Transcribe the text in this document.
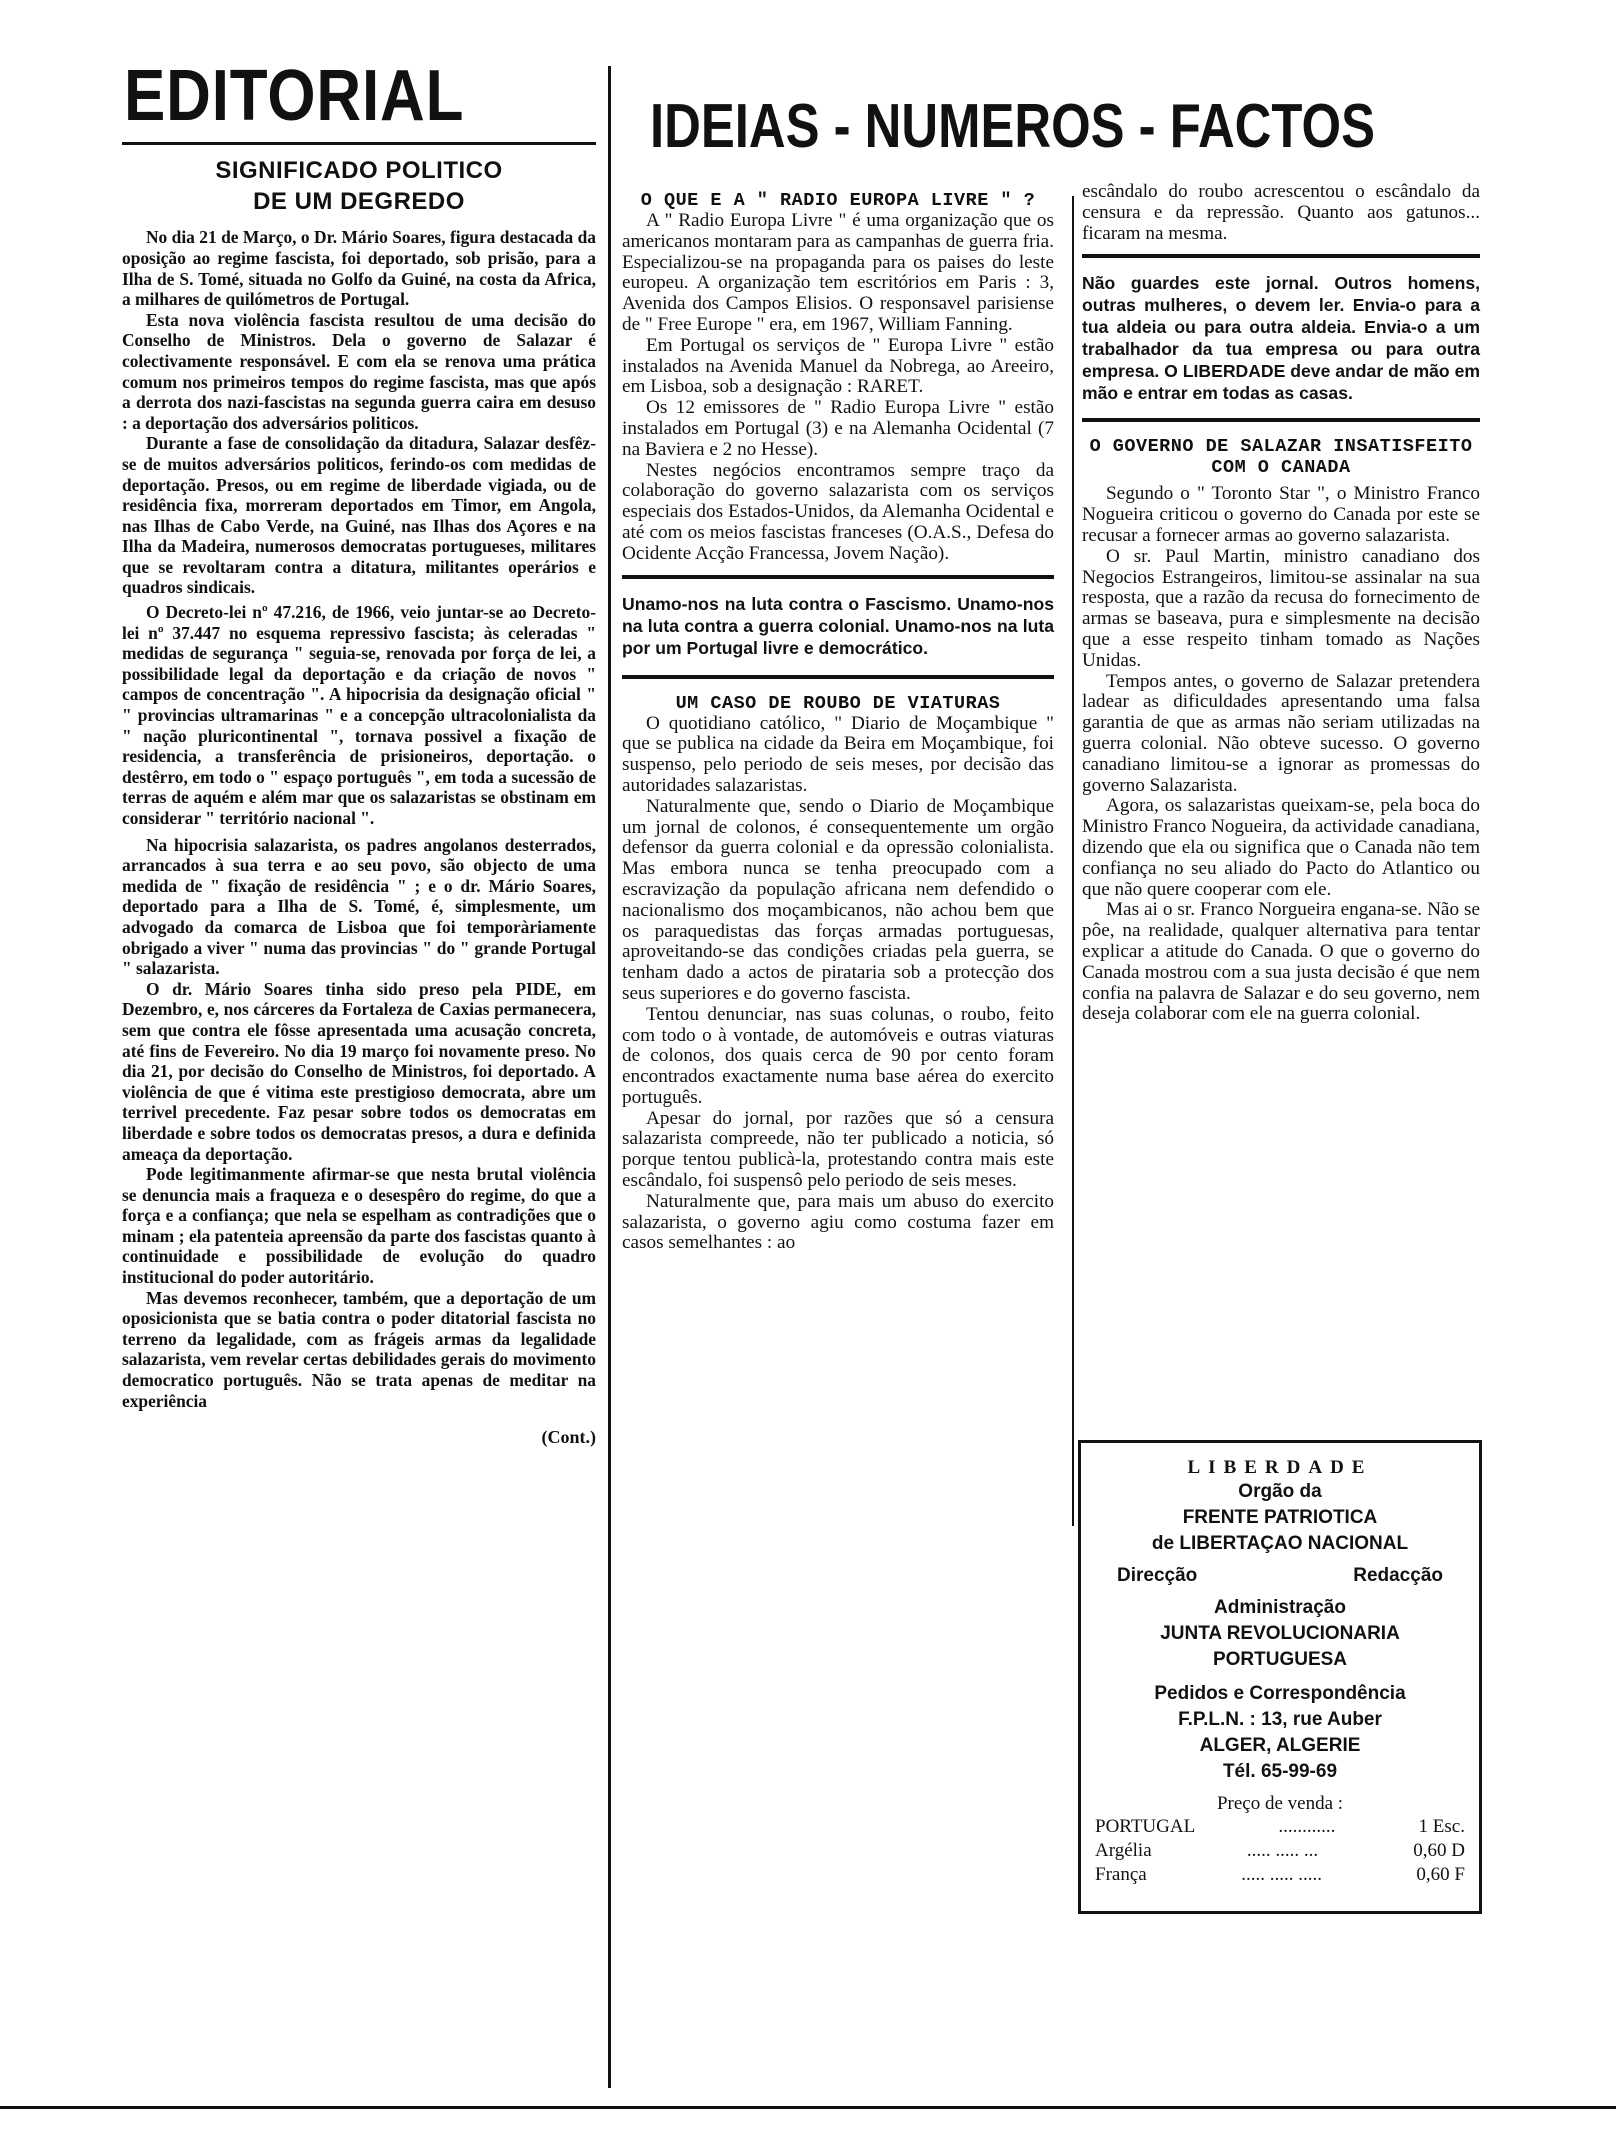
EDITORIAL
SIGNIFICADO POLITICO
DE UM DEGREDO

No dia 21 de Março, o Dr. Mário Soares, figura destacada da oposição ao regime fascista, foi deportado, sob prisão, para a Ilha de S. Tomé, situada no Golfo da Guiné, na costa da Africa, a milhares de quilómetros de Portugal.

Esta nova violência fascista resultou de uma decisão do Conselho de Ministros. Dela o governo de Salazar é colectivamente responsável. E com ela se renova uma prática comum nos primeiros tempos do regime fascista, mas que após a derrota dos nazi-fascistas na segunda guerra caira em desuso : a deportação dos adversários politicos.

Durante a fase de consolidação da ditadura, Salazar desfêz-se de muitos adversários politicos, ferindo-os com medidas de deportação. Presos, ou em regime de liberdade vigiada, ou de residência fixa, morreram deportados em Timor, em Angola, nas Ilhas de Cabo Verde, na Guiné, nas Ilhas dos Açores e na Ilha da Madeira, numerosos democratas portugueses, militares que se revoltaram contra a ditatura, militantes operários e quadros sindicais.

O Decreto-lei nº 47.216, de 1966, veio juntar-se ao Decreto-lei nº 37.447 no esquema repressivo fascista; às celeradas " medidas de segurança " seguia-se, renovada por força de lei, a possibilidade legal da deportação e da criação de novos " campos de concentração ". A hipocrisia da designação oficial " " provincias ultramarinas " e a concepção ultracolonialista da " nação pluricontinental ", tornava possivel a fixação de residencia, a transferência de prisioneiros, deportação. o destêrro, em todo o " espaço português ", em toda a sucessão de terras de aquém e além mar que os salazaristas se obstinam em considerar " território nacional ".

Na hipocrisia salazarista, os padres angolanos desterrados, arrancados à sua terra e ao seu povo, são objecto de uma medida de " fixação de residência " ; e o dr. Mário Soares, deportado para a Ilha de S. Tomé, é, simplesmente, um advogado da comarca de Lisboa que foi temporàriamente obrigado a viver " numa das provincias " do " grande Portugal " salazarista.

O dr. Mário Soares tinha sido preso pela PIDE, em Dezembro, e, nos cárceres da Fortaleza de Caxias permanecera, sem que contra ele fôsse apresentada uma acusação concreta, até fins de Fevereiro. No dia 19 março foi novamente preso. No dia 21, por decisão do Conselho de Ministros, foi deportado. A violência de que é vitima este prestigioso democrata, abre um terrivel precedente. Faz pesar sobre todos os democratas em liberdade e sobre todos os democratas presos, a dura e definida ameaça da deportação.

Pode legitimanmente afirmar-se que nesta brutal violência se denuncia mais a fraqueza e o desespêro do regime, do que a força e a confiança; que nela se espelham as contradições que o minam ; ela patenteia apreensão da parte dos fascistas quanto à continuidade e possibilidade de evolução do quadro institucional do poder autoritário.

Mas devemos reconhecer, também, que a deportação de um oposicionista que se batia contra o poder ditatorial fascista no terreno da legalidade, com as frágeis armas da legalidade salazarista, vem revelar certas debilidades gerais do movimento democratico português. Não se trata apenas de meditar na experiência

(Cont.)
IDEIAS - NUMEROS - FACTOS
O QUE E A " RADIO EUROPA LIVRE " ?

A " Radio Europa Livre " é uma organização que os americanos montaram para as campanhas de guerra fria. Especializou-se na propaganda para os paises do leste europeu. A organização tem escritórios em Paris : 3, Avenida dos Campos Elisios. O responsavel parisiense de " Free Europe " era, em 1967, William Fanning.

Em Portugal os serviços de " Europa Livre " estão instalados na Avenida Manuel da Nobrega, ao Areeiro, em Lisboa, sob a designação : RARET.

Os 12 emissores de " Radio Europa Livre " estão instalados em Portugal (3) e na Alemanha Ocidental (7 na Baviera e 2 no Hesse).

Nestes negócios encontramos sempre traço da colaboração do governo salazarista com os serviços especiais dos Estados-Unidos, da Alemanha Ocidental e até com os meios fascistas franceses (O.A.S., Defesa do Ocidente Acção Francessa, Jovem Nação).

Unamo-nos na luta contra o Fascismo. Unamo-nos na luta contra a guerra colonial. Unamo-nos na luta por um Portugal livre e democrático.
UM CASO DE ROUBO DE VIATURAS

O quotidiano católico, " Diario de Moçambique " que se publica na cidade da Beira em Moçambique, foi suspenso, pelo periodo de seis meses, por decisão das autoridades salazaristas.

Naturalmente que, sendo o Diario de Moçambique um jornal de colonos, é consequentemente um orgão defensor da guerra colonial e da opressão colonialista. Mas embora nunca se tenha preocupado com a escravização da população africana nem defendido o nacionalismo dos moçambicanos, não achou bem que os paraquedistas das forças armadas portuguesas, aproveitando-se das condições criadas pela guerra, se tenham dado a actos de pirataria sob a protecção dos seus superiores e do governo fascista.

Tentou denunciar, nas suas colunas, o roubo, feito com todo o à vontade, de automóveis e outras viaturas de colonos, dos quais cerca de 90 por cento foram encontrados exactamente numa base aérea do exercito português.

Apesar do jornal, por razões que só a censura salazarista compreede, não ter publicado a noticia, só porque tentou publicà-la, protestando contra mais este escândalo, foi suspensô pelo periodo de seis meses.

Naturalmente que, para mais um abuso do exercito salazarista, o governo agiu como costuma fazer em casos semelhantes : ao

escândalo do roubo acrescentou o escândalo da censura e da repressão. Quanto aos gatunos... ficaram na mesma.
Não guardes este jornal. Outros homens, outras mulheres, o devem ler. Envia-o para a tua aldeia ou para outra aldeia. Envia-o a um trabalhador da tua empresa ou para outra empresa. O LIBERDADE deve andar de mão em mão e entrar em todas as casas.
O GOVERNO DE SALAZAR INSATISFEITO COM O CANADA

Segundo o " Toronto Star ", o Ministro Franco Nogueira criticou o governo do Canada por este se recusar a fornecer armas ao governo salazarista.

O sr. Paul Martin, ministro canadiano dos Negocios Estrangeiros, limitou-se assinalar na sua resposta, que a razão da recusa do fornecimento de armas se baseava, pura e simplesmente na decisão que a esse respeito tinham tomado as Nações Unidas.

Tempos antes, o governo de Salazar pretendera ladear as dificuldades apresentando uma falsa garantia de que as armas não seriam utilizadas na guerra colonial. Não obteve sucesso. O governo canadiano limitou-se a ignorar as promessas do governo Salazarista.

Agora, os salazaristas queixam-se, pela boca do Ministro Franco Nogueira, da actividade canadiana, dizendo que ela ou significa que o Canada não tem confiança no seu aliado do Pacto do Atlantico ou que não quere cooperar com ele.

Mas ai o sr. Franco Norgueira engana-se. Não se pôe, na realidade, qualquer alternativa para tentar explicar a atitude do Canada. O que o governo do Canada mostrou com a sua justa decisão é que nem confia na palavra de Salazar e do seu governo, nem deseja colaborar com ele na guerra colonial.

LIBERDADE
Orgão da
FRENTE PATRIOTICA
de LIBERTAÇAO NACIONAL
Direcção	Redacção
Administração
JUNTA REVOLUCIONARIA
PORTUGUESA
Pedidos e Correspondência
F.P.L.N. : 13, rue Auber
ALGER, ALGERIE
Tél. 65-99-69
Preço de venda :
PORTUGAL	............	1 Esc.
Argélia	..... ..... ...	0,60 D
França	..... ..... .....	0,60 F
